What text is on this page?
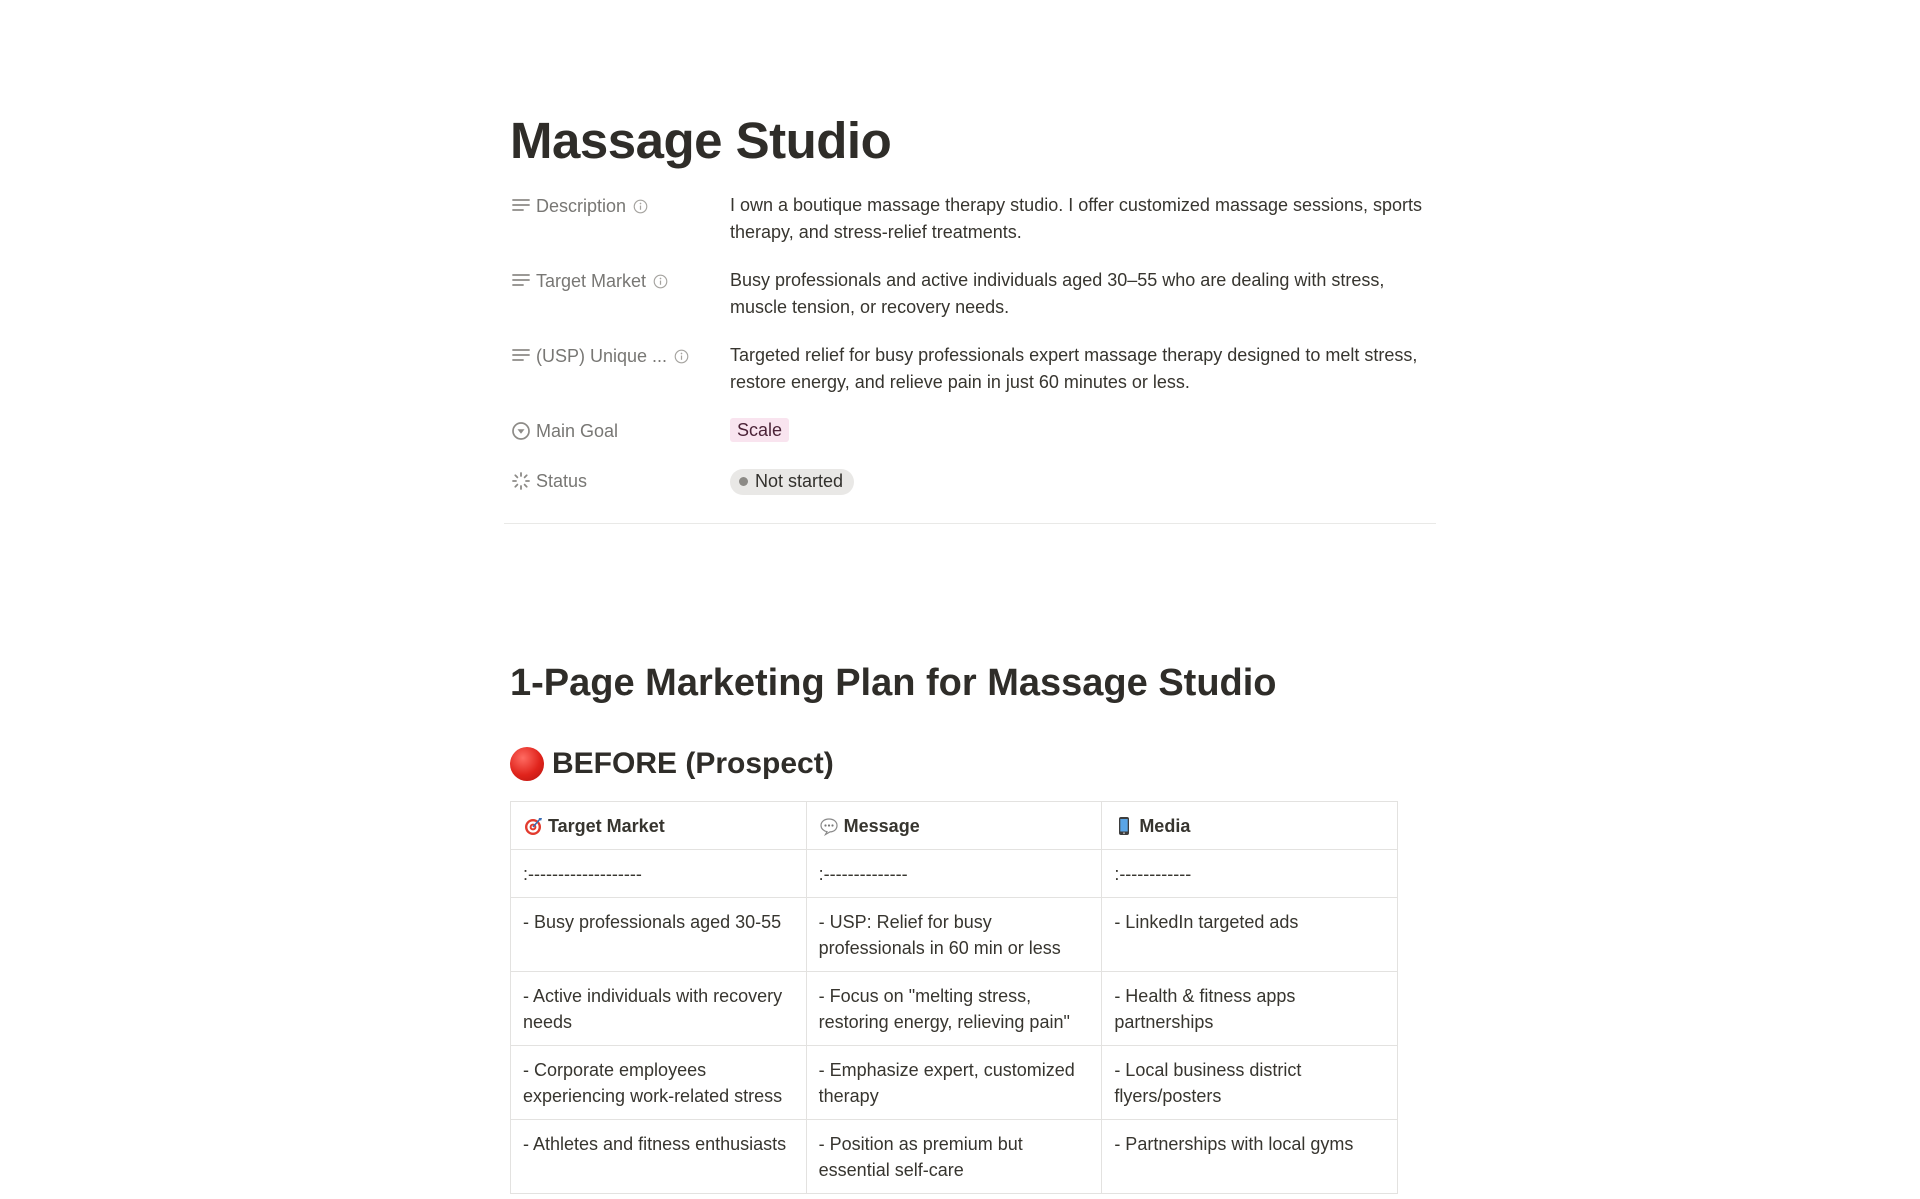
Massage Studio
Description	I own a boutique massage therapy studio. I offer customized massage sessions, sports therapy, and stress-relief treatments.
Target Market	Busy professionals and active individuals aged 30–55 who are dealing with stress, muscle tension, or recovery needs.
(USP) Unique ...	Targeted relief for busy professionals expert massage therapy designed to melt stress, restore energy, and relieve pain in just 60 minutes or less.
Main Goal	Scale
Status	Not started
1-Page Marketing Plan for Massage Studio
BEFORE (Prospect)
Target Market	Message	Media

:-------------------	:--------------	:------------
- Busy professionals aged 30-55	- USP: Relief for busy professionals in 60 min or less	- LinkedIn targeted ads
- Active individuals with recovery needs	- Focus on "melting stress, restoring energy, relieving pain"	- Health & fitness apps partnerships
- Corporate employees experiencing work-related stress	- Emphasize expert, customized therapy	- Local business district flyers/posters
- Athletes and fitness enthusiasts	- Position as premium but essential self-care	- Partnerships with local gyms
